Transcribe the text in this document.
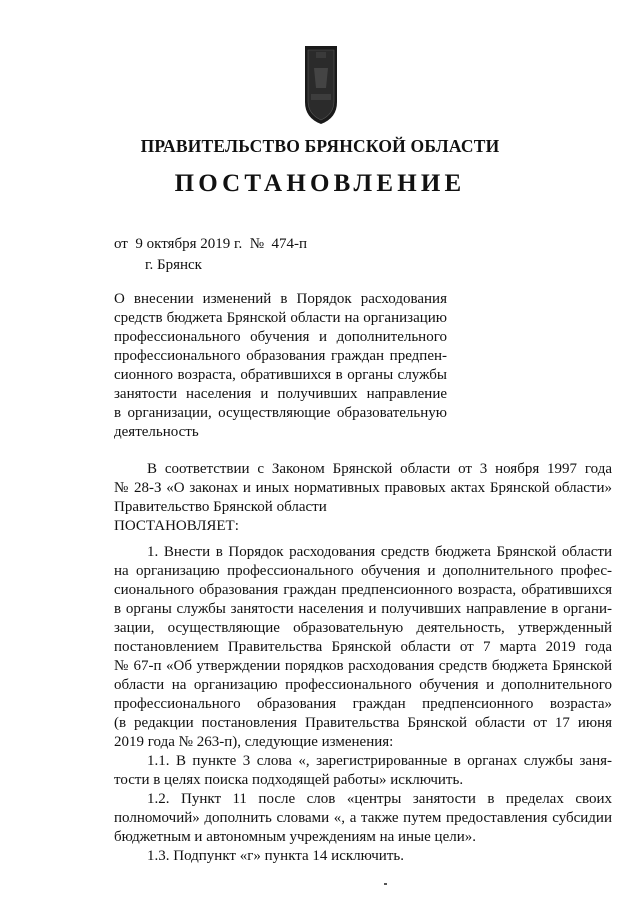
ПРАВИТЕЛЬСТВО БРЯНСКОЙ ОБЛАСТИ
ПОСТАНОВЛЕНИЕ
от  9 октября 2019 г.  №  474-п
г. Брянск
О внесении изменений в Порядок расходования
средств бюджета Брянской области на организацию
профессионального обучения и дополнительного
профессионального образования граждан предпен-
сионного возраста, обратившихся в органы службы
занятости населения и получивших направление
в организации, осуществляющие образовательную
деятельность
В соответствии с Законом Брянской области от 3 ноября 1997 года
№ 28-З «О законах и иных нормативных правовых актах Брянской области»
Правительство Брянской области
ПОСТАНОВЛЯЕТ:
1. Внести в Порядок расходования средств бюджета Брянской области
на организацию профессионального обучения и дополнительного профес-
сионального образования граждан предпенсионного возраста, обратившихся
в органы службы занятости населения и получивших направление в органи-
зации, осуществляющие образовательную деятельность, утвержденный
постановлением Правительства Брянской области от 7 марта 2019 года
№ 67-п «Об утверждении порядков расходования средств бюджета Брянской
области на организацию профессионального обучения и дополнительного
профессионального образования граждан предпенсионного возраста»
(в редакции постановления Правительства Брянской области от 17 июня
2019 года № 263-п), следующие изменения:
1.1. В пункте 3 слова «, зарегистрированные в органах службы заня-
тости в целях поиска подходящей работы» исключить.
1.2. Пункт 11 после слов «центры занятости в пределах своих
полномочий» дополнить словами «, а также путем предоставления субсидии
бюджетным и автономным учреждениям на иные цели».
1.3. Подпункт «г» пункта 14 исключить.
